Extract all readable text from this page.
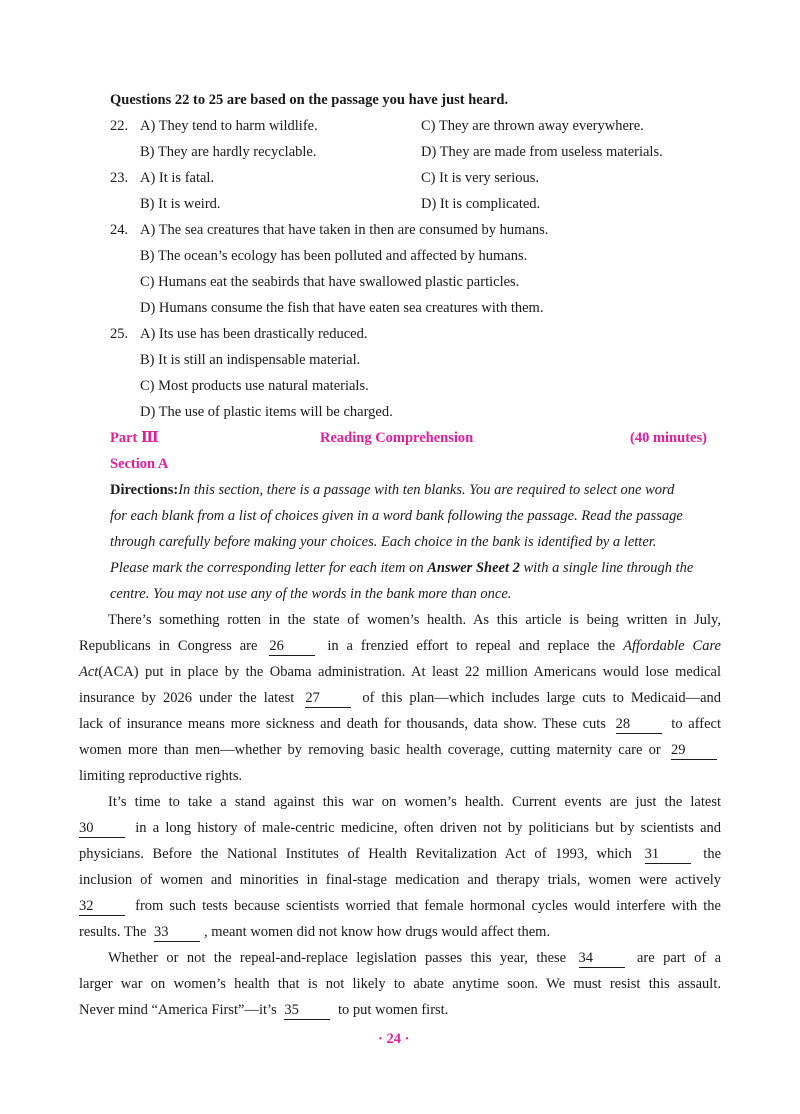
Questions 22 to 25 are based on the passage you have just heard.
22. A) They tend to harm wildlife.	C) They are thrown away everywhere.
B) They are hardly recyclable.	D) They are made from useless materials.
23. A) It is fatal.	C) It is very serious.
B) It is weird.	D) It is complicated.
24. A) The sea creatures that have taken in then are consumed by humans.
B) The ocean’s ecology has been polluted and affected by humans.
C) Humans eat the seabirds that have swallowed plastic particles.
D) Humans consume the fish that have eaten sea creatures with them.
25. A) Its use has been drastically reduced.
B) It is still an indispensable material.
C) Most products use natural materials.
D) The use of plastic items will be charged.
Part Ⅲ	Reading Comprehension	(40 minutes)
Section A
Directions:In this section, there is a passage with ten blanks. You are required to select one word
for each blank from a list of choices given in a word bank following the passage. Read the passage
through carefully before making your choices. Each choice in the bank is identified by a letter.
Please mark the corresponding letter for each item on Answer Sheet 2 with a single line through the
centre. You may not use any of the words in the bank more than once.
There’s something rotten in the state of women’s health. As this article is being written in July,
Republicans in Congress are 26	in a frenzied effort to repeal and replace the Affordable Care
Act(ACA) put in place by the Obama administration. At least 22 million Americans would lose medical
insurance by 2026 under the latest 27	of this plan—which includes large cuts to Medicaid—and
lack of insurance means more sickness and death for thousands, data show. These cuts 28	to affect
women more than men—whether by removing basic health coverage, cutting maternity care or 29
limiting reproductive rights.
It’s time to take a stand against this war on women’s health. Current events are just the latest
30	in a long history of male-centric medicine, often driven not by politicians but by scientists and
physicians. Before the National Institutes of Health Revitalization Act of 1993, which 31	the
inclusion of women and minorities in final-stage medication and therapy trials, women were actively
32	from such tests because scientists worried that female hormonal cycles would interfere with the
results. The 33 , meant women did not know how drugs would affect them.
Whether or not the repeal-and-replace legislation passes this year, these 34	are part of a
larger war on women’s health that is not likely to abate anytime soon. We must resist this assault.
Never mind “America First”—it’s 35	to put women first.
· 24 ·
